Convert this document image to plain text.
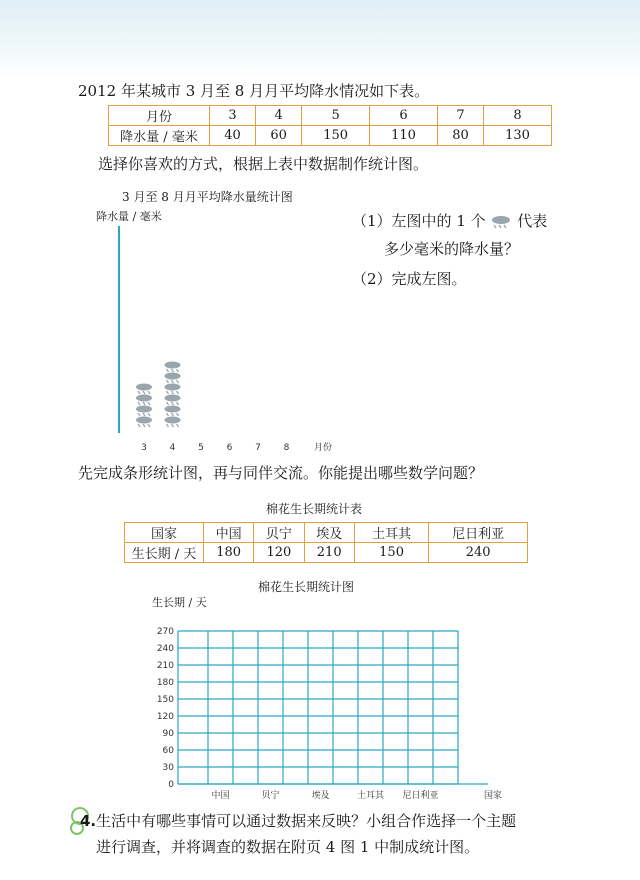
2012 年某城市 3 月至 8 月月平均降水情况如下表。
月份	3	4	5	6	7	8
降水量 / 毫米	40	60	150	110	80	130
选择你喜欢的方式，根据上表中数据制作统计图。
3 月至 8 月月平均降水量统计图
降水量 / 毫米
3	4	5	6	7	8	月份
（1）左图中的 1 个 代表
多少毫米的降水量？
（2）完成左图。
先完成条形统计图，再与同伴交流。你能提出哪些数学问题？
棉花生长期统计表
国家	中国	贝宁	埃及	土耳其	尼日利亚
生长期 / 天	180	120	210	150	240
棉花生长期统计图
生长期 / 天
0
30
60
90
120
150
180
210
240
270
中国	贝宁	埃及	土耳其 尼日利亚	国家
4.生活中有哪些事情可以通过数据来反映？小组合作选择一个主题
进行调查，并将调查的数据在附页 4 图 1 中制成统计图。
